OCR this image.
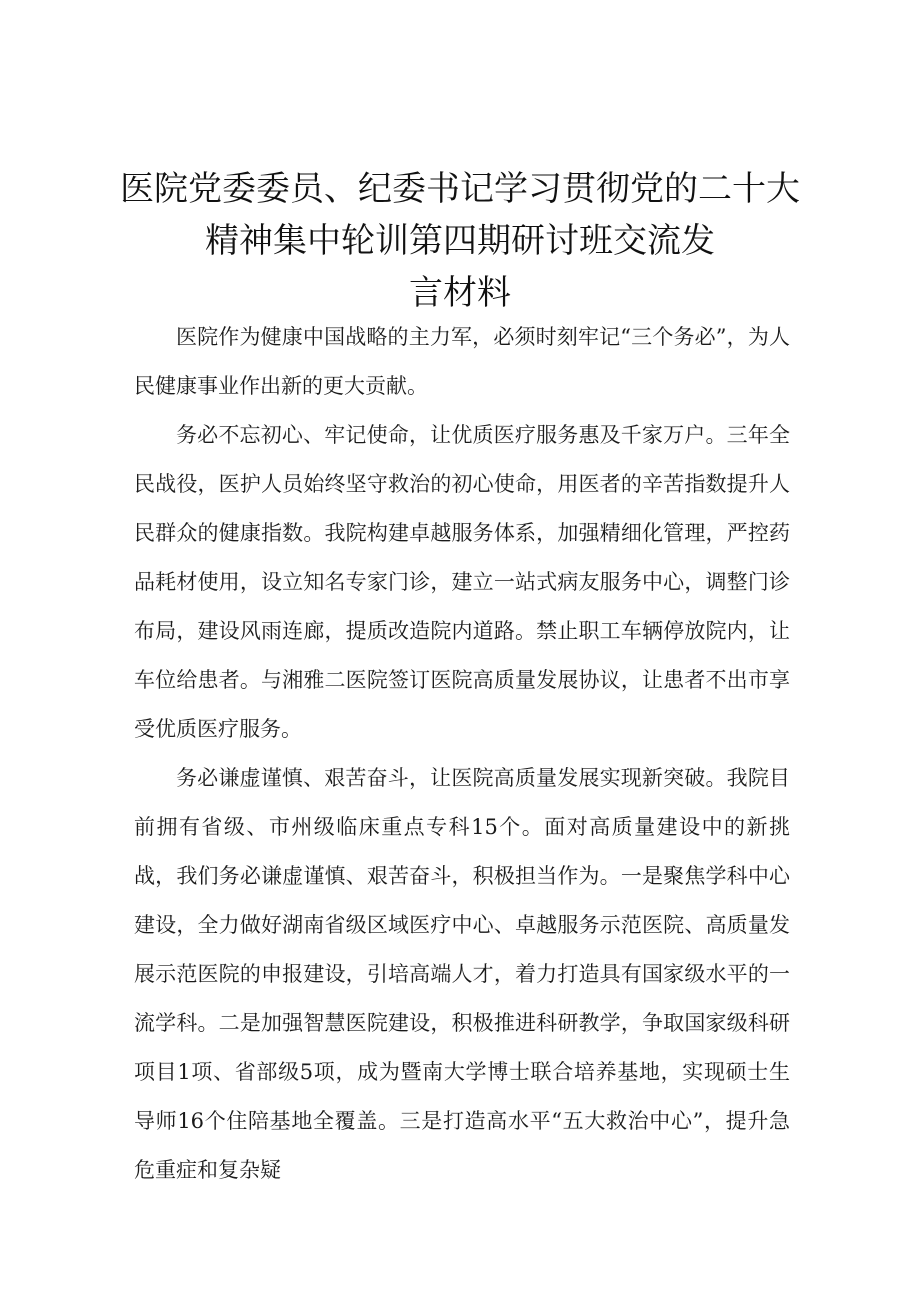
医院党委委员、纪委书记学习贯彻党的二十大
精神集中轮训第四期研讨班交流发
言材料

医院作为健康中国战略的主力军，必须时刻牢记“三个务必”，为人民健康事业作出新的更大贡献。

务必不忘初心、牢记使命，让优质医疗服务惠及千家万户。三年全民战役，医护人员始终坚守救治的初心使命，用医者的辛苦指数提升人民群众的健康指数。我院构建卓越服务体系，加强精细化管理，严控药品耗材使用，设立知名专家门诊，建立一站式病友服务中心，调整门诊布局，建设风雨连廊，提质改造院内道路。禁止职工车辆停放院内，让车位给患者。与湘雅二医院签订医院高质量发展协议，让患者不出市享受优质医疗服务。

务必谦虚谨慎、艰苦奋斗，让医院高质量发展实现新突破。我院目前拥有省级、市州级临床重点专科15个。面对高质量建设中的新挑战，我们务必谦虚谨慎、艰苦奋斗，积极担当作为。一是聚焦学科中心建设，全力做好湖南省级区域医疗中心、卓越服务示范医院、高质量发展示范医院的申报建设，引培高端人才，着力打造具有国家级水平的一流学科。二是加强智慧医院建设，积极推进科研教学，争取国家级科研项目1项、省部级5项，成为暨南大学博士联合培养基地，实现硕士生导师16个住陪基地全覆盖。三是打造高水平“五大救治中心”，提升急危重症和复杂疑
